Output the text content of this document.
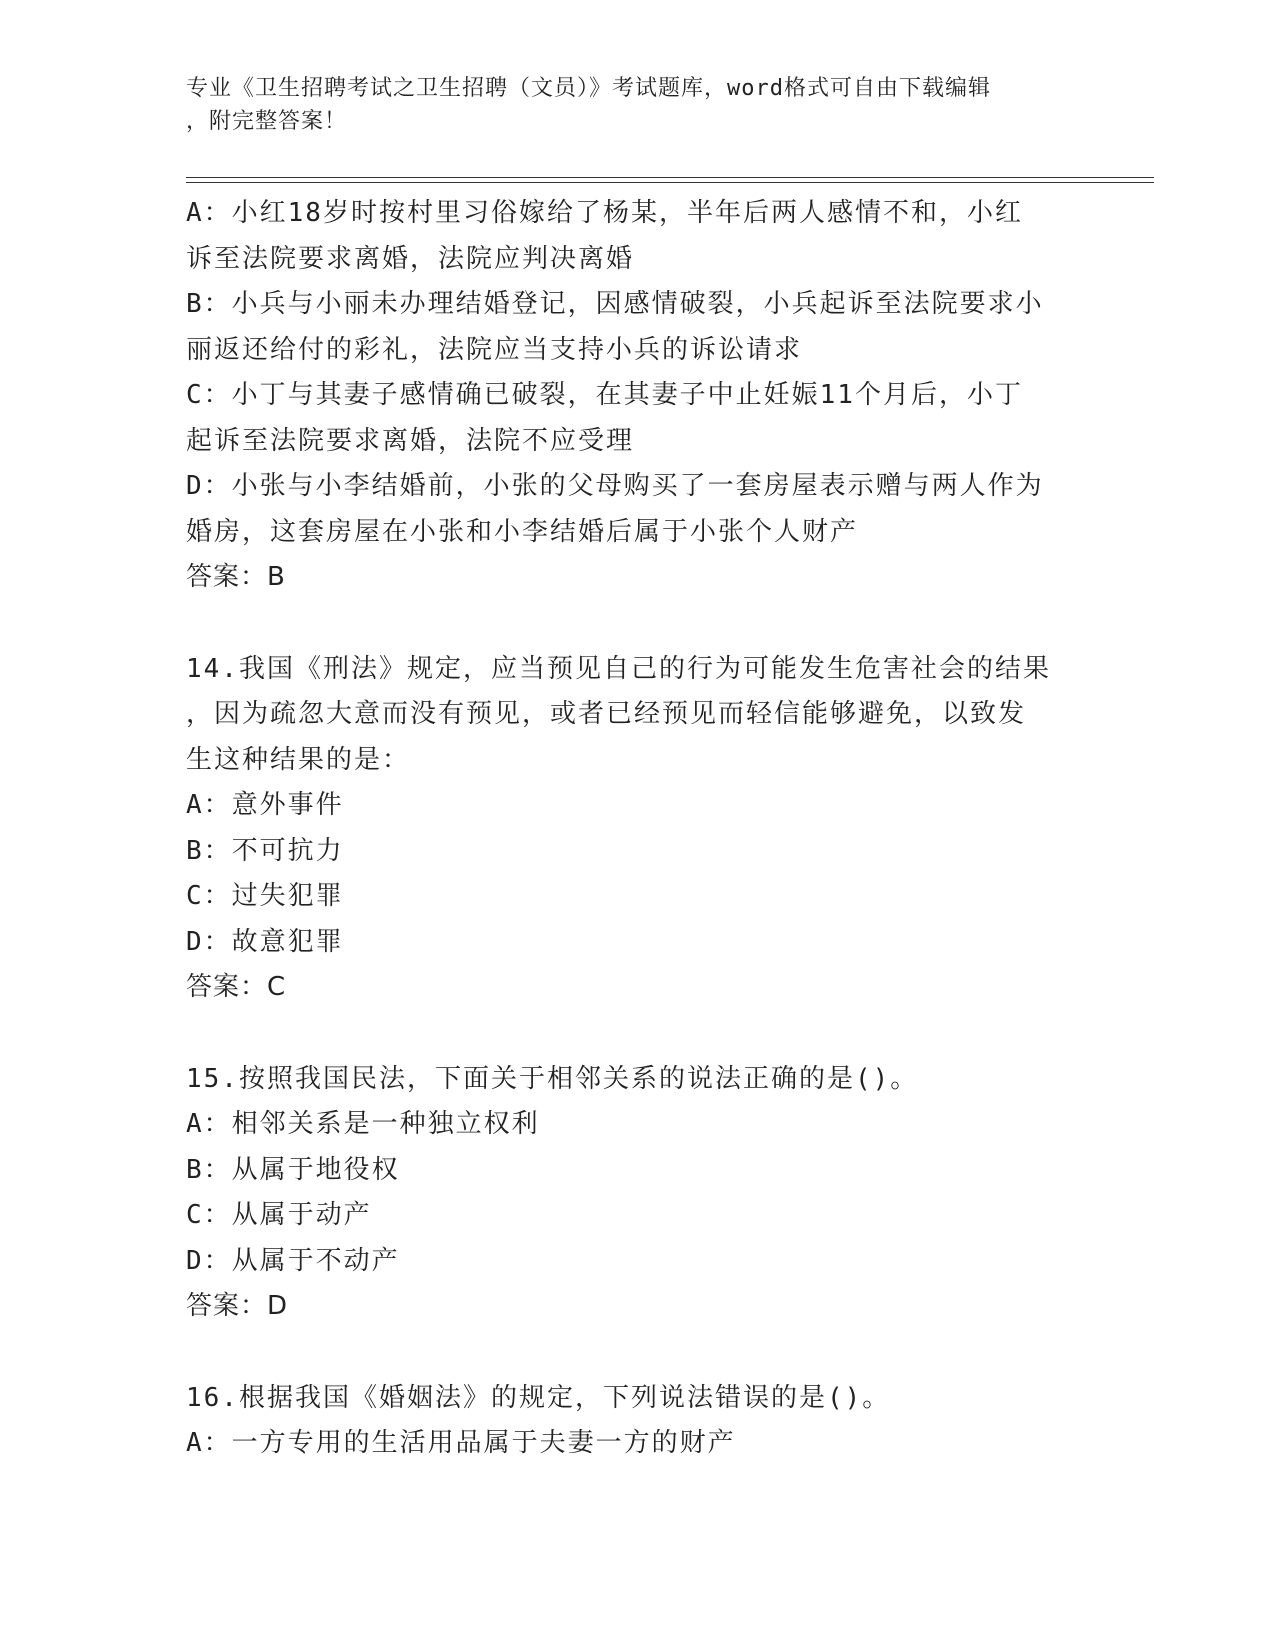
专业《卫生招聘考试之卫生招聘（文员）》考试题库，word格式可自由下载编辑
，附完整答案！
A：小红18岁时按村里习俗嫁给了杨某，半年后两人感情不和，小红
诉至法院要求离婚，法院应判决离婚
B：小兵与小丽未办理结婚登记，因感情破裂，小兵起诉至法院要求小
丽返还给付的彩礼，法院应当支持小兵的诉讼请求
C：小丁与其妻子感情确已破裂，在其妻子中止妊娠11个月后，小丁
起诉至法院要求离婚，法院不应受理
D：小张与小李结婚前，小张的父母购买了一套房屋表示赠与两人作为
婚房，这套房屋在小张和小李结婚后属于小张个人财产
答案：B
14.我国《刑法》规定，应当预见自己的行为可能发生危害社会的结果
，因为疏忽大意而没有预见，或者已经预见而轻信能够避免，以致发
生这种结果的是：
A：意外事件
B：不可抗力
C：过失犯罪
D：故意犯罪
答案：C
15.按照我国民法，下面关于相邻关系的说法正确的是()。
A：相邻关系是一种独立权利
B：从属于地役权
C：从属于动产
D：从属于不动产
答案：D
16.根据我国《婚姻法》的规定，下列说法错误的是()。
A：一方专用的生活用品属于夫妻一方的财产
